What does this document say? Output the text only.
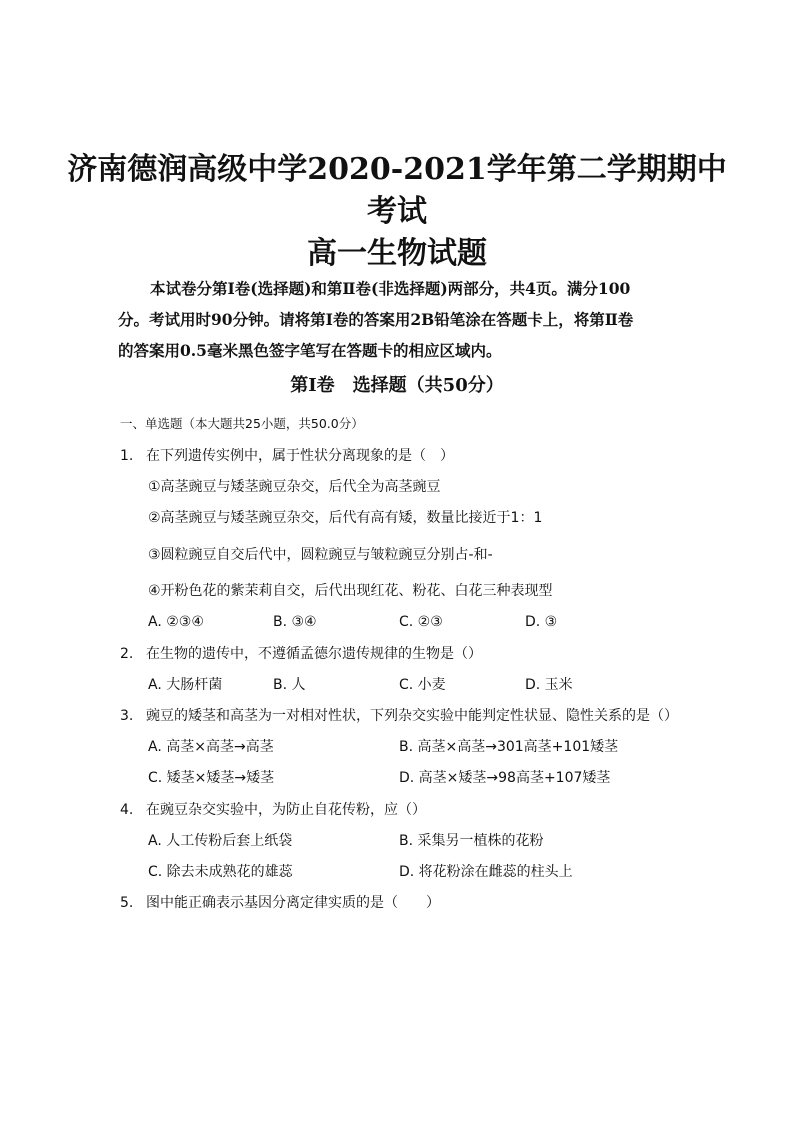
济南德润高级中学2020-2021学年第二学期期中
考试
高一生物试题

本试卷分第Ⅰ卷(选择题)和第Ⅱ卷(非选择题)两部分，共4页。满分100

分。考试用时90分钟。请将第Ⅰ卷的答案用2B铅笔涂在答题卡上，将第Ⅱ卷

的答案用0.5毫米黑色签字笔写在答题卡的相应区域内。

第Ⅰ卷　选择题（共50分）
一、单选题（本大题共25小题，共50.0分）
1. 在下列遗传实例中，属于性状分离现象的是（　）
①高茎豌豆与矮茎豌豆杂交，后代全为高茎豌豆
②高茎豌豆与矮茎豌豆杂交，后代有高有矮，数量比接近于1：1
③圆粒豌豆自交后代中，圆粒豌豆与皱粒豌豆分别占-和-
④开粉色花的紫茉莉自交，后代出现红花、粉花、白花三种表现型
A. ②③④	B. ③④	C. ②③	D. ③
2. 在生物的遗传中，不遵循孟德尔遗传规律的生物是（）
A. 大肠杆菌	B. 人	C. 小麦	D. 玉米
3. 豌豆的矮茎和高茎为一对相对性状，下列杂交实验中能判定性状显、隐性关系的是（）
A. 高茎×高茎→高茎	B. 高茎×高茎→301高茎+101矮茎
C. 矮茎×矮茎→矮茎	D. 高茎×矮茎→98高茎+107矮茎
4. 在豌豆杂交实验中，为防止自花传粉，应（）
A. 人工传粉后套上纸袋	B. 采集另一植株的花粉
C. 除去未成熟花的雄蕊	D. 将花粉涂在雌蕊的柱头上
5. 图中能正确表示基因分离定律实质的是（　　）
